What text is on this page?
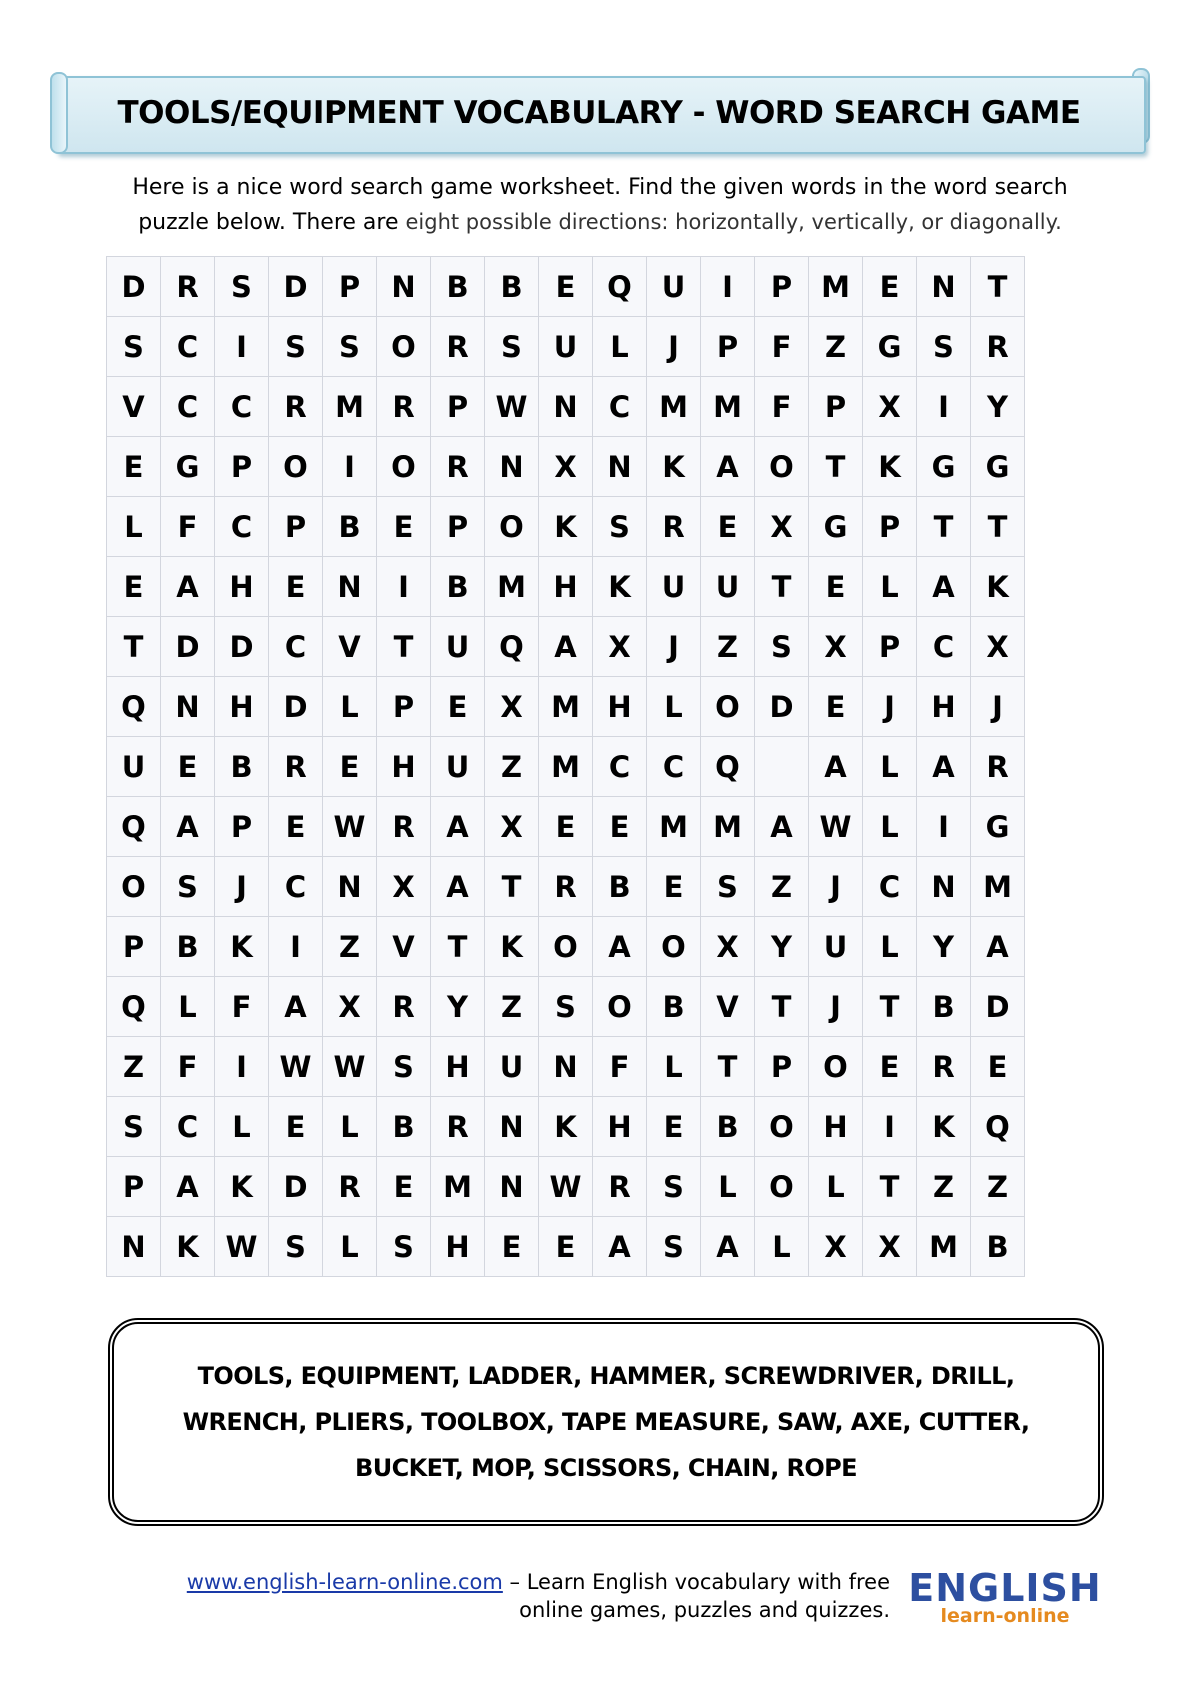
TOOLS/EQUIPMENT VOCABULARY - WORD SEARCH GAME
Here is a nice word search game worksheet. Find the given words in the word search
puzzle below. There are eight possible directions: horizontally, vertically, or diagonally.
D	R	S	D	P	N	B	B	E	Q	U	I	P	M	E	N	T
S	C	I	S	S	O	R	S	U	L	J	P	F	Z	G	S	R
V	C	C	R	M	R	P	W	N	C	M	M	F	P	X	I	Y
E	G	P	O	I	O	R	N	X	N	K	A	O	T	K	G	G
L	F	C	P	B	E	P	O	K	S	R	E	X	G	P	T	T
E	A	H	E	N	I	B	M	H	K	U	U	T	E	L	A	K
T	D	D	C	V	T	U	Q	A	X	J	Z	S	X	P	C	X
Q	N	H	D	L	P	E	X	M	H	L	O	D	E	J	H	J
U	E	B	R	E	H	U	Z	M	C	C	Q		A	L	A	R
Q	A	P	E	W	R	A	X	E	E	M	M	A	W	L	I	G
O	S	J	C	N	X	A	T	R	B	E	S	Z	J	C	N	M
P	B	K	I	Z	V	T	K	O	A	O	X	Y	U	L	Y	A
Q	L	F	A	X	R	Y	Z	S	O	B	V	T	J	T	B	D
Z	F	I	W	W	S	H	U	N	F	L	T	P	O	E	R	E
S	C	L	E	L	B	R	N	K	H	E	B	O	H	I	K	Q
P	A	K	D	R	E	M	N	W	R	S	L	O	L	T	Z	Z
N	K	W	S	L	S	H	E	E	A	S	A	L	X	X	M	B
TOOLS, EQUIPMENT, LADDER, HAMMER, SCREWDRIVER, DRILL,
WRENCH, PLIERS, TOOLBOX, TAPE MEASURE, SAW, AXE, CUTTER,
BUCKET, MOP, SCISSORS, CHAIN, ROPE
www.english-learn-online.com – Learn English vocabulary with free
online games, puzzles and quizzes. ENGLISH
learn-online
